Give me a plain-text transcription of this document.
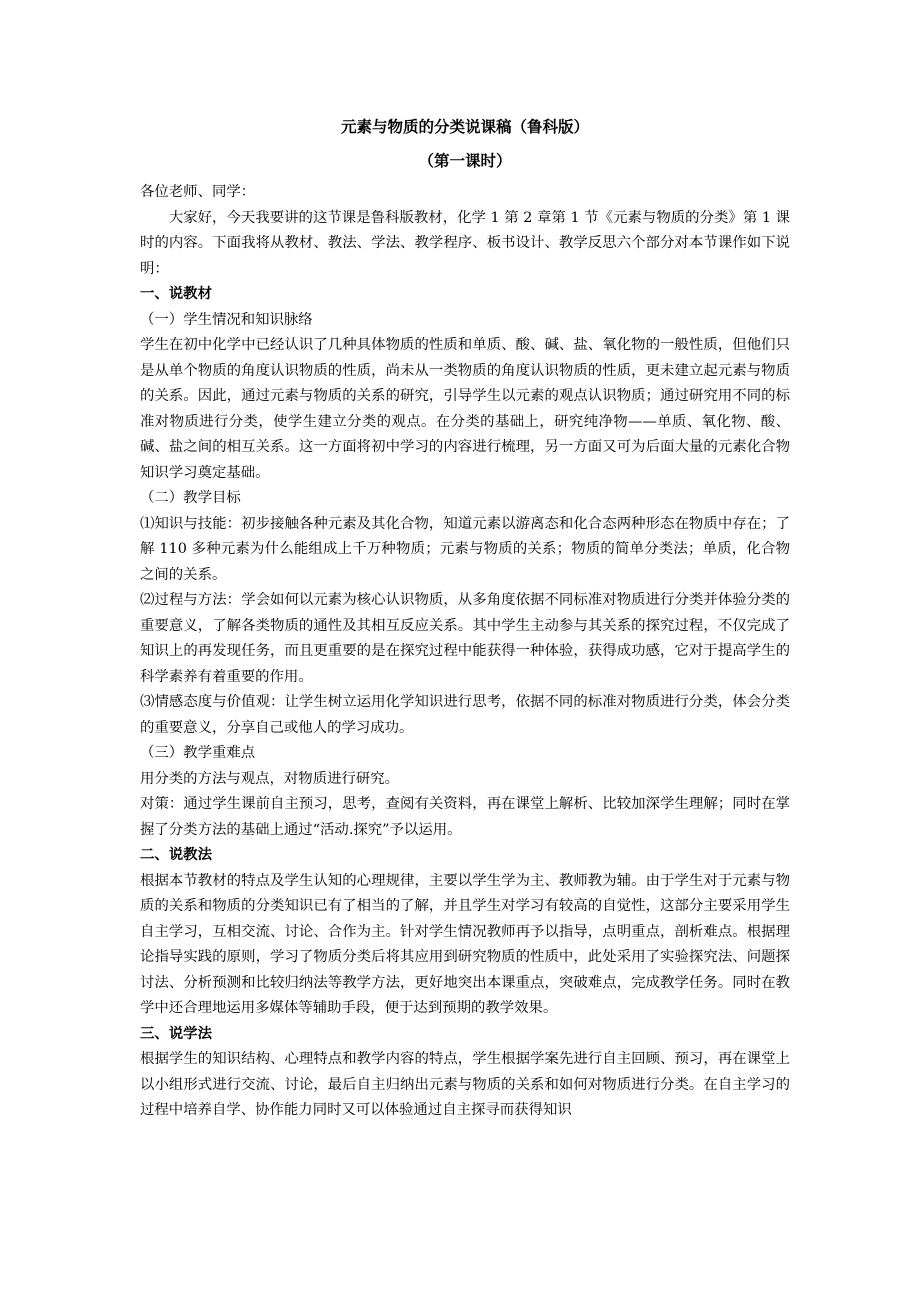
元素与物质的分类说课稿（鲁科版）

（第一课时）

各位老师、同学：

大家好，今天我要讲的这节课是鲁科版教材，化学 1 第 2 章第 1 节《元素与物质的分类》第 1 课时的内容。下面我将从教材、教法、学法、教学程序、板书设计、教学反思六个部分对本节课作如下说明：

一、说教材

（一）学生情况和知识脉络

学生在初中化学中已经认识了几种具体物质的性质和单质、酸、碱、盐、氧化物的一般性质，但他们只是从单个物质的角度认识物质的性质，尚未从一类物质的角度认识物质的性质，更未建立起元素与物质的关系。因此，通过元素与物质的关系的研究，引导学生以元素的观点认识物质；通过研究用不同的标准对物质进行分类，使学生建立分类的观点。在分类的基础上，研究纯净物——单质、氧化物、酸、碱、盐之间的相互关系。这一方面将初中学习的内容进行梳理，另一方面又可为后面大量的元素化合物知识学习奠定基础。

（二）教学目标

⑴知识与技能：初步接触各种元素及其化合物，知道元素以游离态和化合态两种形态在物质中存在；了解 110 多种元素为什么能组成上千万种物质；元素与物质的关系；物质的简单分类法；单质，化合物之间的关系。

⑵过程与方法：学会如何以元素为核心认识物质，从多角度依据不同标准对物质进行分类并体验分类的重要意义，了解各类物质的通性及其相互反应关系。其中学生主动参与其关系的探究过程，不仅完成了知识上的再发现任务，而且更重要的是在探究过程中能获得一种体验，获得成功感，它对于提高学生的科学素养有着重要的作用。

⑶情感态度与价值观：让学生树立运用化学知识进行思考，依据不同的标准对物质进行分类，体会分类的重要意义，分享自己或他人的学习成功。

（三）教学重难点

用分类的方法与观点，对物质进行研究。

对策：通过学生课前自主预习，思考，查阅有关资料，再在课堂上解析、比较加深学生理解；同时在掌握了分类方法的基础上通过“活动.探究”予以运用。

二、说教法

根据本节教材的特点及学生认知的心理规律，主要以学生学为主、教师教为辅。由于学生对于元素与物质的关系和物质的分类知识已有了相当的了解，并且学生对学习有较高的自觉性，这部分主要采用学生自主学习，互相交流、讨论、合作为主。针对学生情况教师再予以指导，点明重点，剖析难点。根据理论指导实践的原则，学习了物质分类后将其应用到研究物质的性质中，此处采用了实验探究法、问题探讨法、分析预测和比较归纳法等教学方法，更好地突出本课重点，突破难点，完成教学任务。同时在教学中还合理地运用多媒体等辅助手段，便于达到预期的教学效果。

三、说学法

根据学生的知识结构、心理特点和教学内容的特点，学生根据学案先进行自主回顾、预习，再在课堂上以小组形式进行交流、讨论，最后自主归纳出元素与物质的关系和如何对物质进行分类。在自主学习的过程中培养自学、协作能力同时又可以体验通过自主探寻而获得知识
